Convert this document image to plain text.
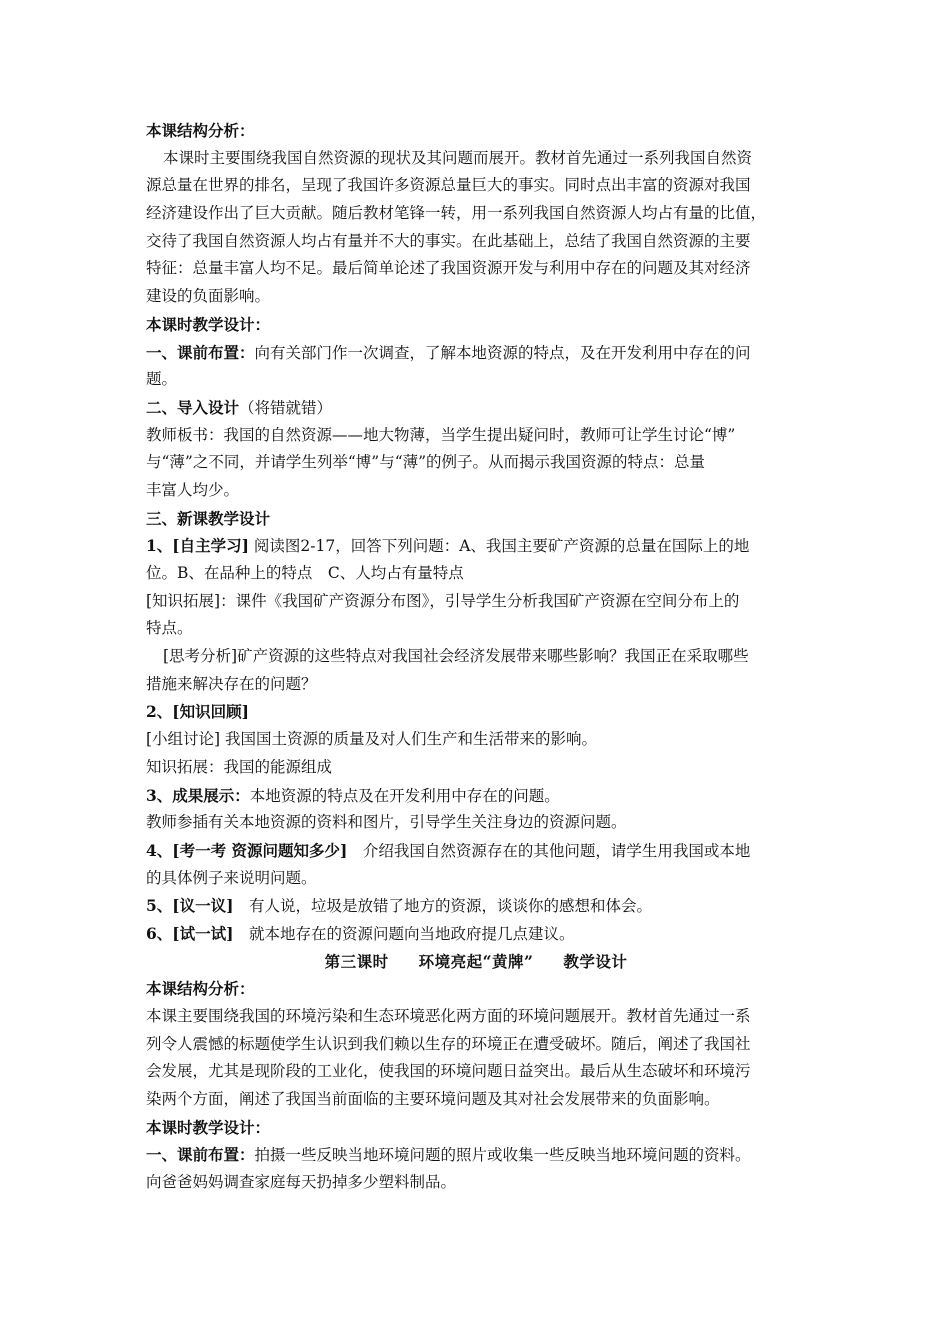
本课结构分析：
本课时主要围绕我国自然资源的现状及其问题而展开。教材首先通过一系列我国自然资
源总量在世界的排名，呈现了我国许多资源总量巨大的事实。同时点出丰富的资源对我国
经济建设作出了巨大贡献。随后教材笔锋一转，用一系列我国自然资源人均占有量的比值，
交待了我国自然资源人均占有量并不大的事实。在此基础上，总结了我国自然资源的主要
特征：总量丰富人均不足。最后简单论述了我国资源开发与利用中存在的问题及其对经济
建设的负面影响。
本课时教学设计：
一、课前布置：向有关部门作一次调查，了解本地资源的特点，及在开发利用中存在的问
题。
二、导入设计（将错就错）
教师板书：我国的自然资源——地大物薄，当学生提出疑问时，教师可让学生讨论“博”
与“薄”之不同，并请学生列举“博”与“薄”的例子。从而揭示我国资源的特点：总量
丰富人均少。
三、新课教学设计
1、[自主学习] 阅读图2-17，回答下列问题：A、我国主要矿产资源的总量在国际上的地
位。B、在品种上的特点　C、人均占有量特点
[知识拓展]：课件《我国矿产资源分布图》，引导学生分析我国矿产资源在空间分布上的
特点。
[思考分析]矿产资源的这些特点对我国社会经济发展带来哪些影响？我国正在采取哪些
措施来解决存在的问题？
2、[知识回顾]
[小组讨论] 我国国土资源的质量及对人们生产和生活带来的影响。
知识拓展：我国的能源组成
3、成果展示：本地资源的特点及在开发利用中存在的问题。
教师参插有关本地资源的资料和图片，引导学生关注身边的资源问题。
4、[考一考 资源问题知多少]　 介绍我国自然资源存在的其他问题，请学生用我国或本地
的具体例子来说明问题。
5、[议一议]　 有人说，垃圾是放错了地方的资源，谈谈你的感想和体会。
6、[试一试]　 就本地存在的资源问题向当地政府提几点建议。
第三课时 环境亮起“黄牌” 教学设计
本课结构分析：
本课主要围绕我国的环境污染和生态环境恶化两方面的环境问题展开。教材首先通过一系
列令人震憾的标题使学生认识到我们赖以生存的环境正在遭受破坏。随后，阐述了我国社
会发展，尤其是现阶段的工业化，使我国的环境问题日益突出。最后从生态破坏和环境污
染两个方面，阐述了我国当前面临的主要环境问题及其对社会发展带来的负面影响。
本课时教学设计：
一、课前布置：拍摄一些反映当地环境问题的照片或收集一些反映当地环境问题的资料。
向爸爸妈妈调查家庭每天扔掉多少塑料制品。
